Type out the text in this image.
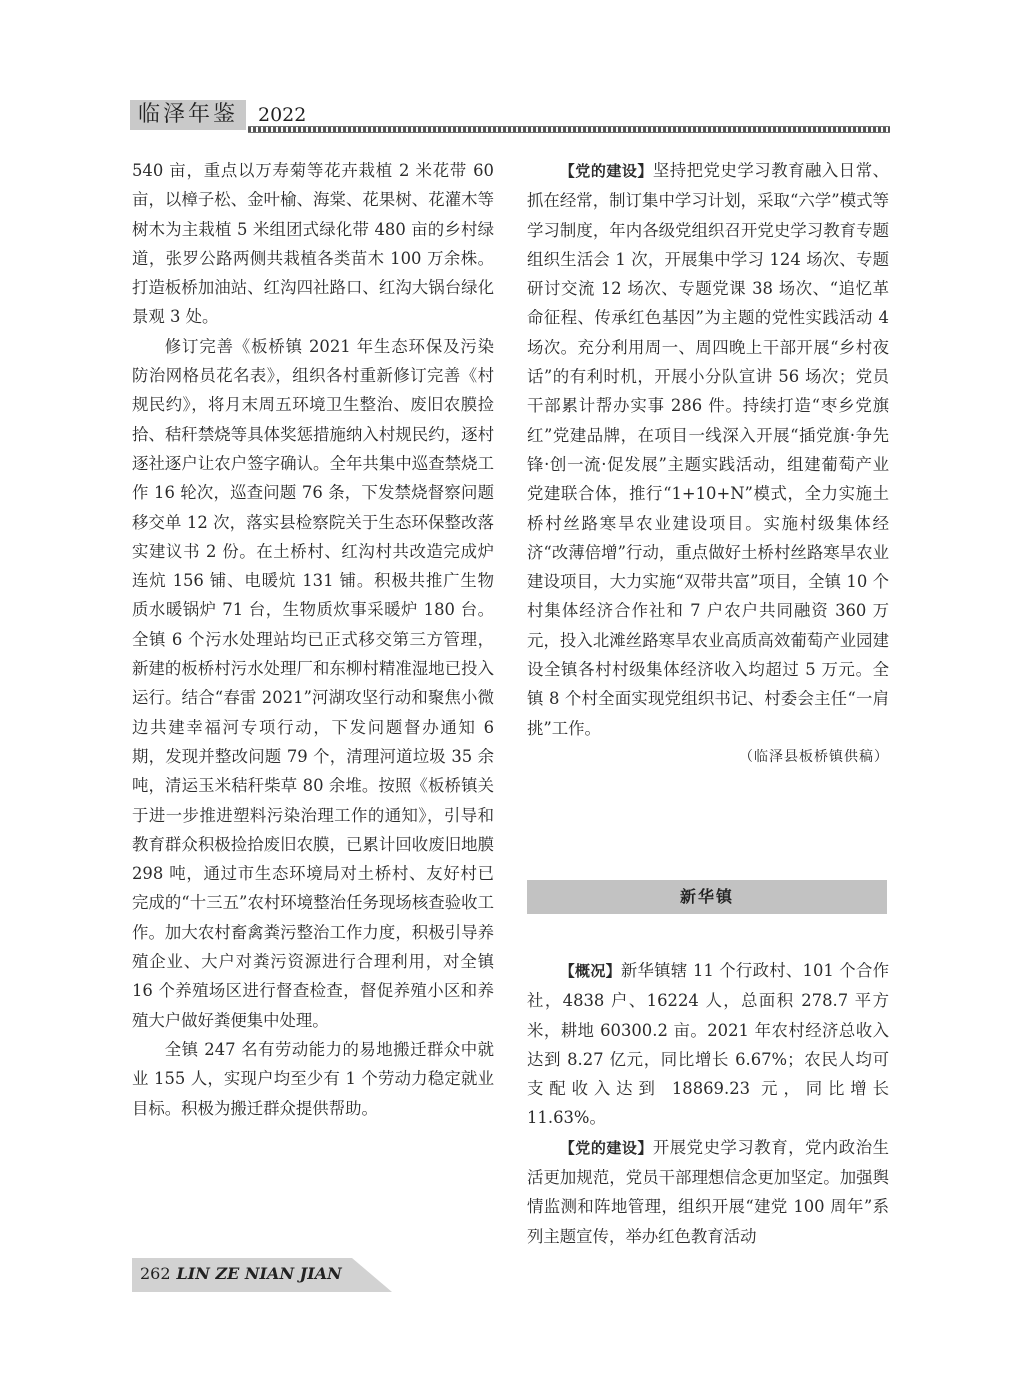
临泽年鉴	2022

540 亩，重点以万寿菊等花卉栽植 2 米花带 60 亩，以樟子松、金叶榆、海棠、花果树、花灌木等树木为主栽植 5 米组团式绿化带 480 亩的乡村绿道，张罗公路两侧共栽植各类苗木 100 万余株。打造板桥加油站、红沟四社路口、红沟大锅台绿化景观 3 处。

修订完善《板桥镇 2021 年生态环保及污染防治网格员花名表》，组织各村重新修订完善《村规民约》，将月末周五环境卫生整治、废旧农膜捡拾、秸秆禁烧等具体奖惩措施纳入村规民约，逐村逐社逐户让农户签字确认。全年共集中巡查禁烧工作 16 轮次，巡查问题 76 条，下发禁烧督察问题移交单 12 次，落实县检察院关于生态环保整改落实建议书 2 份。在土桥村、红沟村共改造完成炉连炕 156 铺、电暖炕 131 铺。积极共推广生物质水暖锅炉 71 台，生物质炊事采暖炉 180 台。全镇 6 个污水处理站均已正式移交第三方管理，新建的板桥村污水处理厂和东柳村精准湿地已投入运行。结合“春雷 2021”河湖攻坚行动和聚焦小微边共建幸福河专项行动，下发问题督办通知 6 期，发现并整改问题 79 个，清理河道垃圾 35 余吨，清运玉米秸秆柴草 80 余堆。按照《板桥镇关于进一步推进塑料污染治理工作的通知》，引导和教育群众积极捡拾废旧农膜，已累计回收废旧地膜 298 吨，通过市生态环境局对土桥村、友好村已完成的“十三五”农村环境整治任务现场核查验收工作。加大农村畜禽粪污整治工作力度，积极引导养殖企业、大户对粪污资源进行合理利用，对全镇 16 个养殖场区进行督查检查，督促养殖小区和养殖大户做好粪便集中处理。

全镇 247 名有劳动能力的易地搬迁群众中就业 155 人，实现户均至少有 1 个劳动力稳定就业目标。积极为搬迁群众提供帮助。

【党的建设】坚持把党史学习教育融入日常、抓在经常，制订集中学习计划，采取“六学”模式等学习制度，年内各级党组织召开党史学习教育专题组织生活会 1 次，开展集中学习 124 场次、专题研讨交流 12 场次、专题党课 38 场次、“追忆革命征程、传承红色基因”为主题的党性实践活动 4 场次。充分利用周一、周四晚上干部开展“乡村夜话”的有利时机，开展小分队宣讲 56 场次；党员干部累计帮办实事 286 件。持续打造“枣乡党旗红”党建品牌，在项目一线深入开展“插党旗·争先锋·创一流·促发展”主题实践活动，组建葡萄产业党建联合体，推行“1+10+N”模式，全力实施土桥村丝路寒旱农业建设项目。实施村级集体经济“改薄倍增”行动，重点做好土桥村丝路寒旱农业建设项目，大力实施“双带共富”项目，全镇 10 个村集体经济合作社和 7 户农户共同融资 360 万元，投入北滩丝路寒旱农业高质高效葡萄产业园建设全镇各村村级集体经济收入均超过 5 万元。全镇 8 个村全面实现党组织书记、村委会主任“一肩挑”工作。

（临泽县板桥镇供稿）

新华镇

【概况】新华镇辖 11 个行政村、101 个合作社，4838 户、16224 人，总面积 278.7 平方米，耕地 60300.2 亩。2021 年农村经济总收入达到 8.27 亿元，同比增长 6.67%；农民人均可支配收入达到 18869.23 元，同比增长 11.63%。

【党的建设】开展党史学习教育，党内政治生活更加规范，党员干部理想信念更加坚定。加强舆情监测和阵地管理，组织开展“建党 100 周年”系列主题宣传，举办红色教育活动

262 LIN ZE NIAN JIAN
